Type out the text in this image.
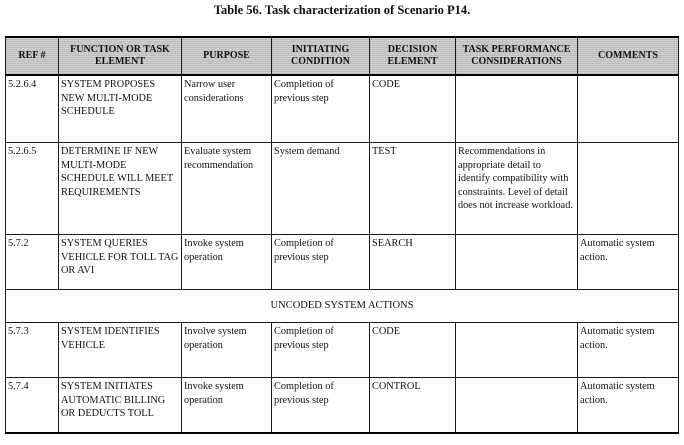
Table 56. Task characterization of Scenario P14.
REF #	FUNCTION OR TASK ELEMENT	PURPOSE	INITIATING CONDITION	DECISION ELEMENT	TASK PERFORMANCE CONSIDERATIONS	COMMENTS
5.2.6.4	SYSTEM PROPOSES NEW MULTI-MODE SCHEDULE	Narrow user considerations	Completion of previous step	CODE		
5.2.6.5	DETERMINE IF NEW MULTI-MODE SCHEDULE WILL MEET REQUIREMENTS	Evaluate system recommendation	System demand	TEST	Recommendations in appropriate detail to identify compatibility with constraints. Level of detail does not increase workload.	
5.7.2	SYSTEM QUERIES VEHICLE FOR TOLL TAG OR AVI	Invoke system operation	Completion of previous step	SEARCH		Automatic system action.
UNCODED SYSTEM ACTIONS						
5.7.3	SYSTEM IDENTIFIES VEHICLE	Involve system operation	Completion of previous step	CODE		Automatic system action.
5.7.4	SYSTEM INITIATES AUTOMATIC BILLING OR DEDUCTS TOLL	Invoke system operation	Completion of previous step	CONTROL		Automatic system action.
